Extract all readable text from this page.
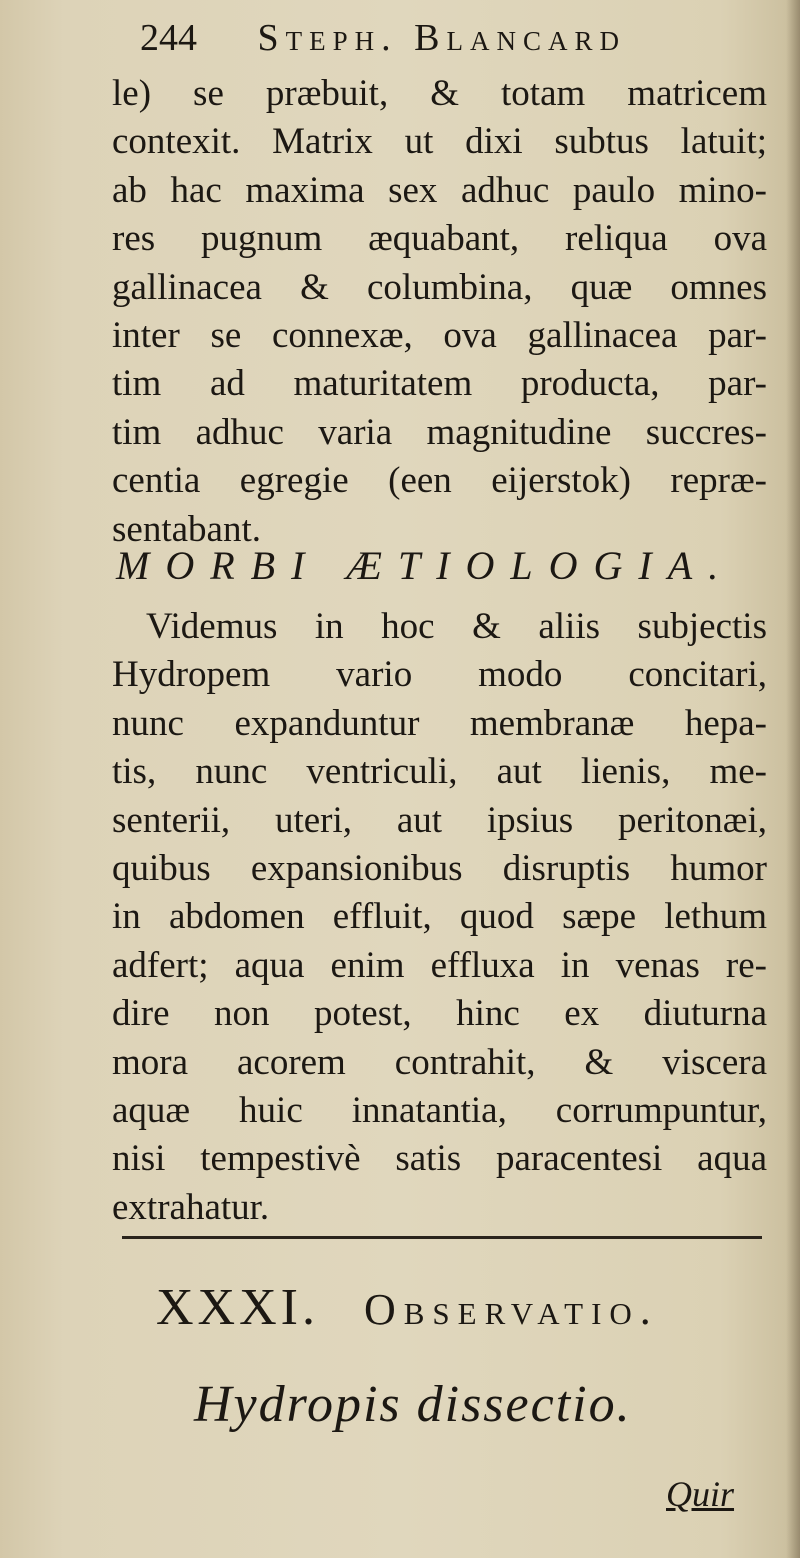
244 Steph. Blancard
le) se præbuit, & totam matricem
contexit. Matrix ut dixi subtus latuit;
ab hac maxima sex adhuc paulo mino-
res pugnum æquabant, reliqua ova
gallinacea & columbina, quæ omnes
inter se connexæ, ova gallinacea par-
tim ad maturitatem producta, par-
tim adhuc varia magnitudine succres-
centia egregie (een eijerstok) repræ-
sentabant.
MORBI ÆTIOLOGIA.
Videmus in hoc & aliis subjectis
Hydropem vario modo concitari,
nunc expanduntur membranæ hepa-
tis, nunc ventriculi, aut lienis, me-
senterii, uteri, aut ipsius peritonæi,
quibus expansionibus disruptis humor
in abdomen effluit, quod sæpe lethum
adfert; aqua enim effluxa in venas re-
dire non potest, hinc ex diuturna
mora acorem contrahit, & viscera
aquæ huic innatantia, corrumpuntur,
nisi tempestivè satis paracentesi aqua
extrahatur.
XXXI. Observatio.
Hydropis dissectio.
Quir
